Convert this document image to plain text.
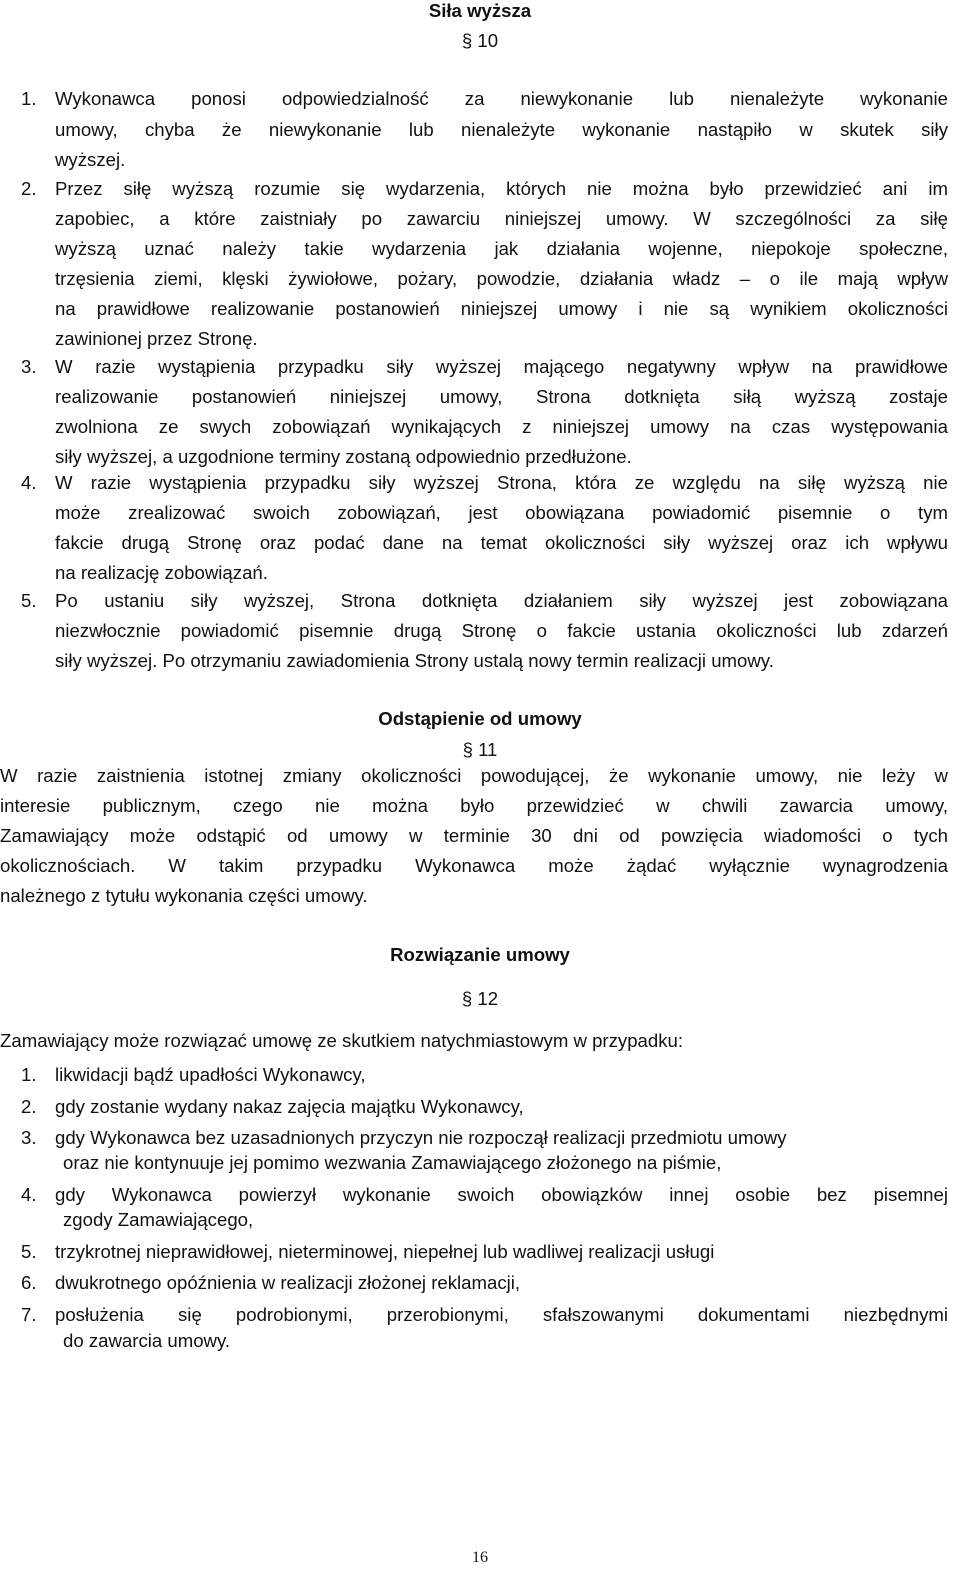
Siła wyższa
§ 10
1. Wykonawca ponosi odpowiedzialność za niewykonanie lub nienależyte wykonanie
umowy, chyba że niewykonanie lub nienależyte wykonanie nastąpiło w skutek siły
wyższej.
2. Przez siłę wyższą rozumie się wydarzenia, których nie można było przewidzieć ani im
zapobiec, a które zaistniały po zawarciu niniejszej umowy. W szczególności za siłę
wyższą uznać należy takie wydarzenia jak działania wojenne, niepokoje społeczne,
trzęsienia ziemi, klęski żywiołowe, pożary, powodzie, działania władz – o ile mają wpływ
na prawidłowe realizowanie postanowień niniejszej umowy i nie są wynikiem okoliczności
zawinionej przez Stronę.
3. W razie wystąpienia przypadku siły wyższej mającego negatywny wpływ na prawidłowe
realizowanie postanowień niniejszej umowy, Strona dotknięta siłą wyższą zostaje
zwolniona ze swych zobowiązań wynikających z niniejszej umowy na czas występowania
siły wyższej, a uzgodnione terminy zostaną odpowiednio przedłużone.
4. W razie wystąpienia przypadku siły wyższej Strona, która ze względu na siłę wyższą nie
może zrealizować swoich zobowiązań, jest obowiązana powiadomić pisemnie o tym
fakcie drugą Stronę oraz podać dane na temat okoliczności siły wyższej oraz ich wpływu
na realizację zobowiązań.
5. Po ustaniu siły wyższej, Strona dotknięta działaniem siły wyższej jest zobowiązana
niezwłocznie powiadomić pisemnie drugą Stronę o fakcie ustania okoliczności lub zdarzeń
siły wyższej. Po otrzymaniu zawiadomienia Strony ustalą nowy termin realizacji umowy.
Odstąpienie od umowy
§ 11
W razie zaistnienia istotnej zmiany okoliczności powodującej, że wykonanie umowy, nie leży w
interesie publicznym, czego nie można było przewidzieć w chwili zawarcia umowy,
Zamawiający może odstąpić od umowy w terminie 30 dni od powzięcia wiadomości o tych
okolicznościach. W takim przypadku Wykonawca może żądać wyłącznie wynagrodzenia
należnego z tytułu wykonania części umowy.
Rozwiązanie umowy
§ 12
Zamawiający może rozwiązać umowę ze skutkiem natychmiastowym w przypadku:
1. likwidacji bądź upadłości Wykonawcy,
2. gdy zostanie wydany nakaz zajęcia majątku Wykonawcy,
3. gdy Wykonawca bez uzasadnionych przyczyn nie rozpoczął realizacji przedmiotu umowy
oraz nie kontynuuje jej pomimo wezwania Zamawiającego złożonego na piśmie,
4. gdy Wykonawca powierzył wykonanie swoich obowiązków innej osobie bez pisemnej
zgody Zamawiającego,
5. trzykrotnej nieprawidłowej, nieterminowej, niepełnej lub wadliwej realizacji usługi
6. dwukrotnego opóźnienia w realizacji złożonej reklamacji,
7. posłużenia się podrobionymi, przerobionymi, sfałszowanymi dokumentami niezbędnymi
do zawarcia umowy.
16
